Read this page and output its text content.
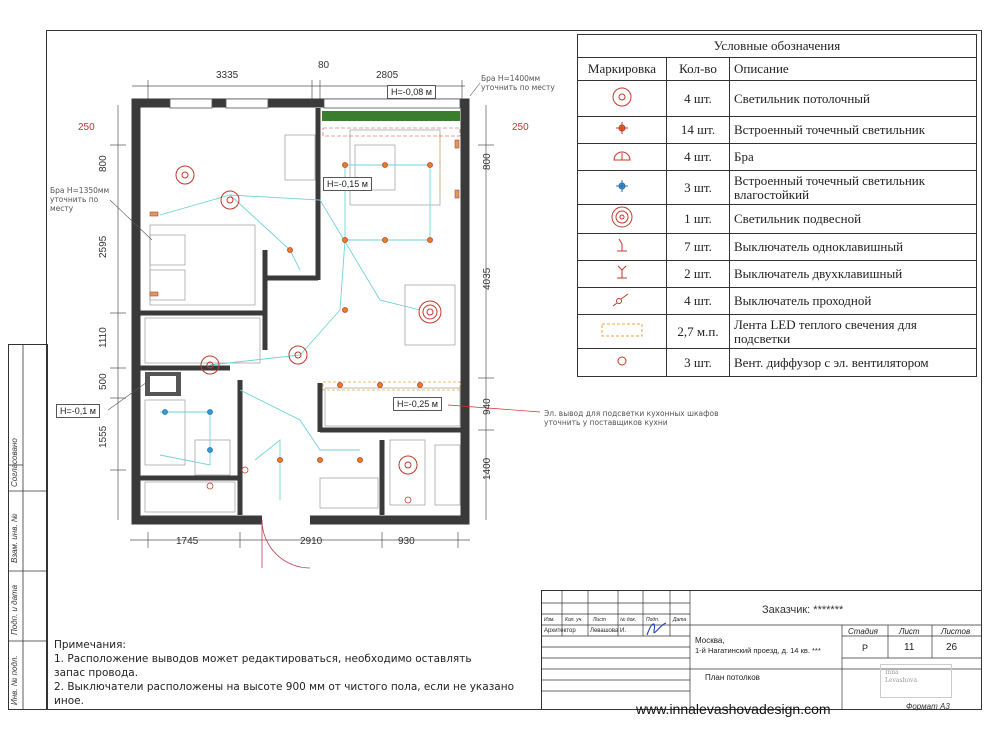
3335
80
2805
250
800
2595
1110
500
1555
250
800
4035
940
1400
1745	2910	930
Бра Н=1400мм уточнить по месту
Бра Н=1350мм уточнить по месту
Н=-0,08 м
Н=-0,15 м
Н=-0,1 м
Н=-0,25 м
Эл. вывод для подсветки кухонных шкафов уточнить у поставщиков кухни
Условные обозначения		
Маркировка	Кол-во	Описание
	4 шт.	Светильник потолочный
	14 шт.	Встроенный точечный светильник
	4 шт.	Бра
	3 шт.	Встроенный точечный светильник влагостойкий
	1 шт.	Светильник подвесной
	7 шт.	Выключатель одноклавишный
	2 шт.	Выключатель двухклавишный
	4 шт.	Выключатель проходной
	2,7 м.п.	Лента LED теплого свечения для подсветки
	3 шт.	Вент. диффузор с эл. вентилятором
Согласовано
Взам. инв. №
Подп. и дата
Инв. № подл.
Примечания:
1. Расположение выводов может редактироваться, необходимо оставлять запас провода.
2. Выключатели расположены на высоте 900 мм от чистого пола, если не указано иное.
Изм. Кол. уч. Лист	№ док. Подп.	Дата
Архитектор Левашова И.
Заказчик: *******
Москва,
1-й Нагатинский проезд, д. 14 кв. ***
План потолков
Стадия	Лист	Листов
Р	11	26
Inna Levashova
www.innalevashovadesign.com	Формат А3
